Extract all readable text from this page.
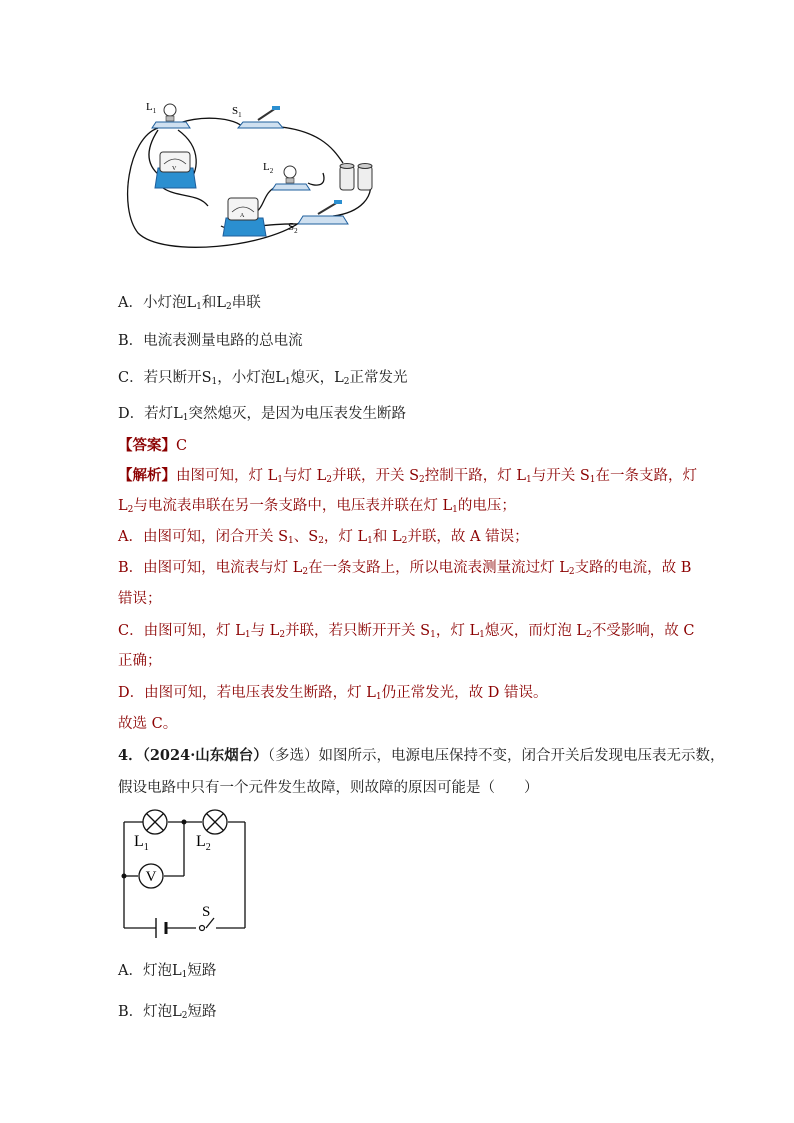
$L_1$	$S_1$
$L_2$
$S_2$
V
A
A．小灯泡$L_1$和$L_2$串联
B．电流表测量电路的总电流
C．若只断开$S_1$，小灯泡$L_1$熄灭，$L_2$正常发光
D．若灯$L_1$突然熄灭，是因为电压表发生断路
【答案】C
【解析】由图可知，灯 $L_1$与灯 $L_2$并联，开关 $S_2$控制干路，灯 $L_1$与开关 $S_1$在一条支路，灯
$L_2$与电流表串联在另一条支路中，电压表并联在灯 $L_1$的电压；
A．由图可知，闭合开关 $S_1$、$S_2$，灯 $L_1$和 $L_2$并联，故 A 错误；
B．由图可知，电流表与灯 $L_2$在一条支路上，所以电流表测量流过灯 $L_2$支路的电流，故 B
错误；
C．由图可知，灯 $L_1$与 $L_2$并联，若只断开开关 $S_1$，灯 $L_1$熄灭，而灯泡 $L_2$不受影响，故 C
正确；
D．由图可知，若电压表发生断路，灯 $L_1$仍正常发光，故 D 错误。
故选 C。
4．（2024·山东烟台）（多选）如图所示，电源电压保持不变，闭合开关后发现电压表无示数，
假设电路中只有一个元件发生故障，则故障的原因可能是（　　）
V
$L_1$	$L_2$
S
A．灯泡$L_1$短路
B．灯泡$L_2$短路
